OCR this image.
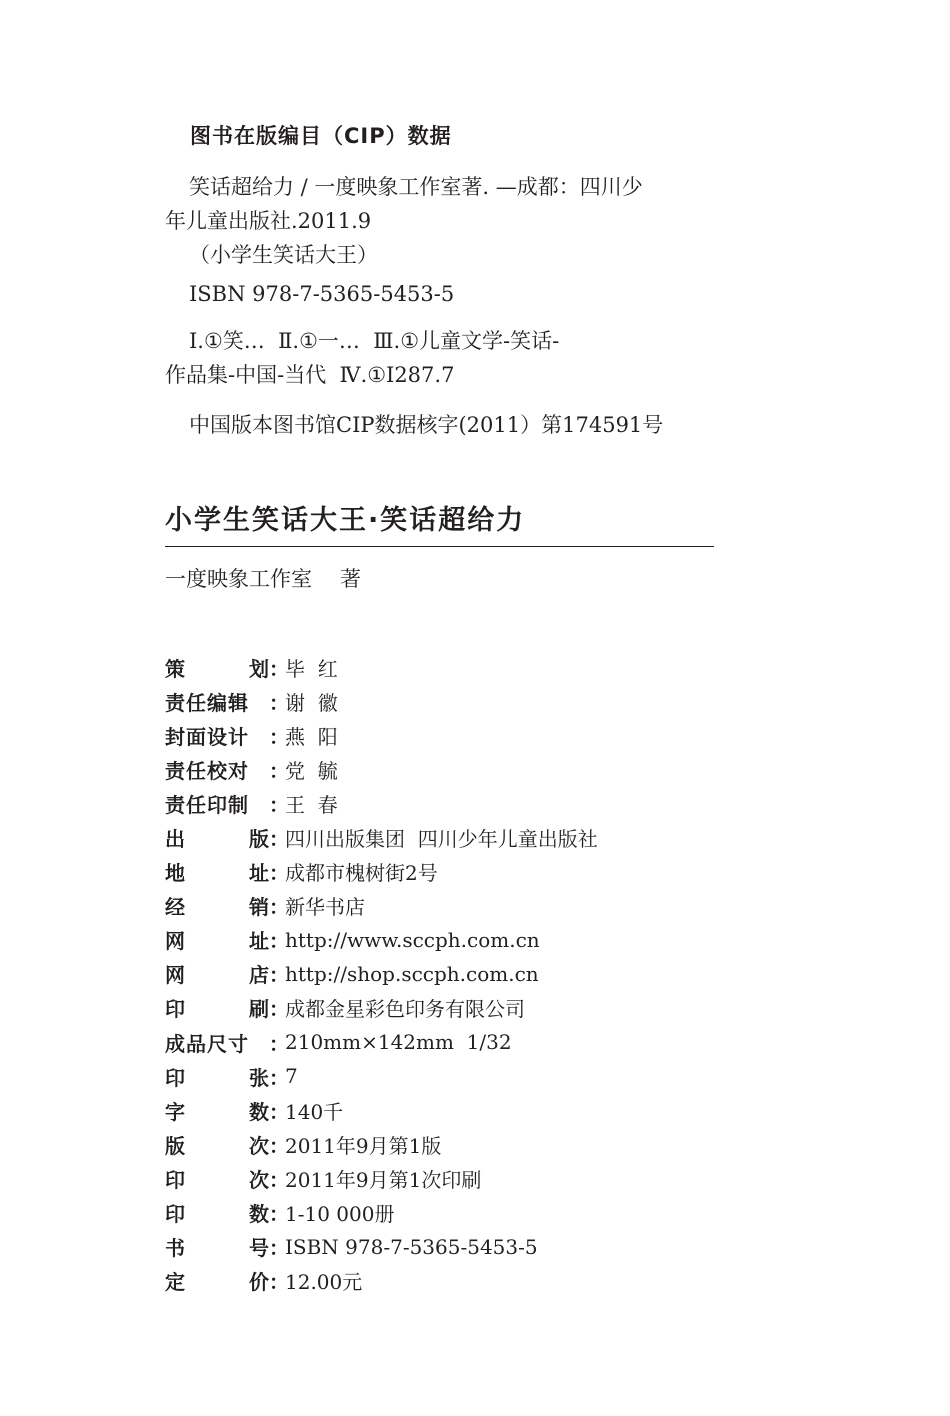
图书在版编目（CIP）数据
笑话超给力 / 一度映象工作室著. —成都：四川少
年儿童出版社.2011.9
（小学生笑话大王）
ISBN 978-7-5365-5453-5
Ⅰ.①笑…  Ⅱ.①一…  Ⅲ.①儿童文学-笑话-
作品集-中国-当代  Ⅳ.①I287.7
中国版本图书馆CIP数据核字(2011）第174591号
小学生笑话大王·笑话超给力
一度映象工作室 著
策	划 ：
毕  红
责任编辑 ：
谢  徽
封面设计 ：
燕  阳
责任校对 ：
党  毓
责任印制 ：
王  春
出	版 ：
四川出版集团  四川少年儿童出版社
地	址 ：
成都市槐树街2号
经	销 ：
新华书店
网	址 ：
http://www.sccph.com.cn
网	店 ：
http://shop.sccph.com.cn
印	刷 ：
成都金星彩色印务有限公司
成品尺寸 ：
210mm×142mm  1/32
印	张 ：
7
字	数 ：
140千
版	次 ：
2011年9月第1版
印	次 ：
2011年9月第1次印刷
印	数 ：
1-10 000册
书	号 ：
ISBN 978-7-5365-5453-5
定	价 ：
12.00元
